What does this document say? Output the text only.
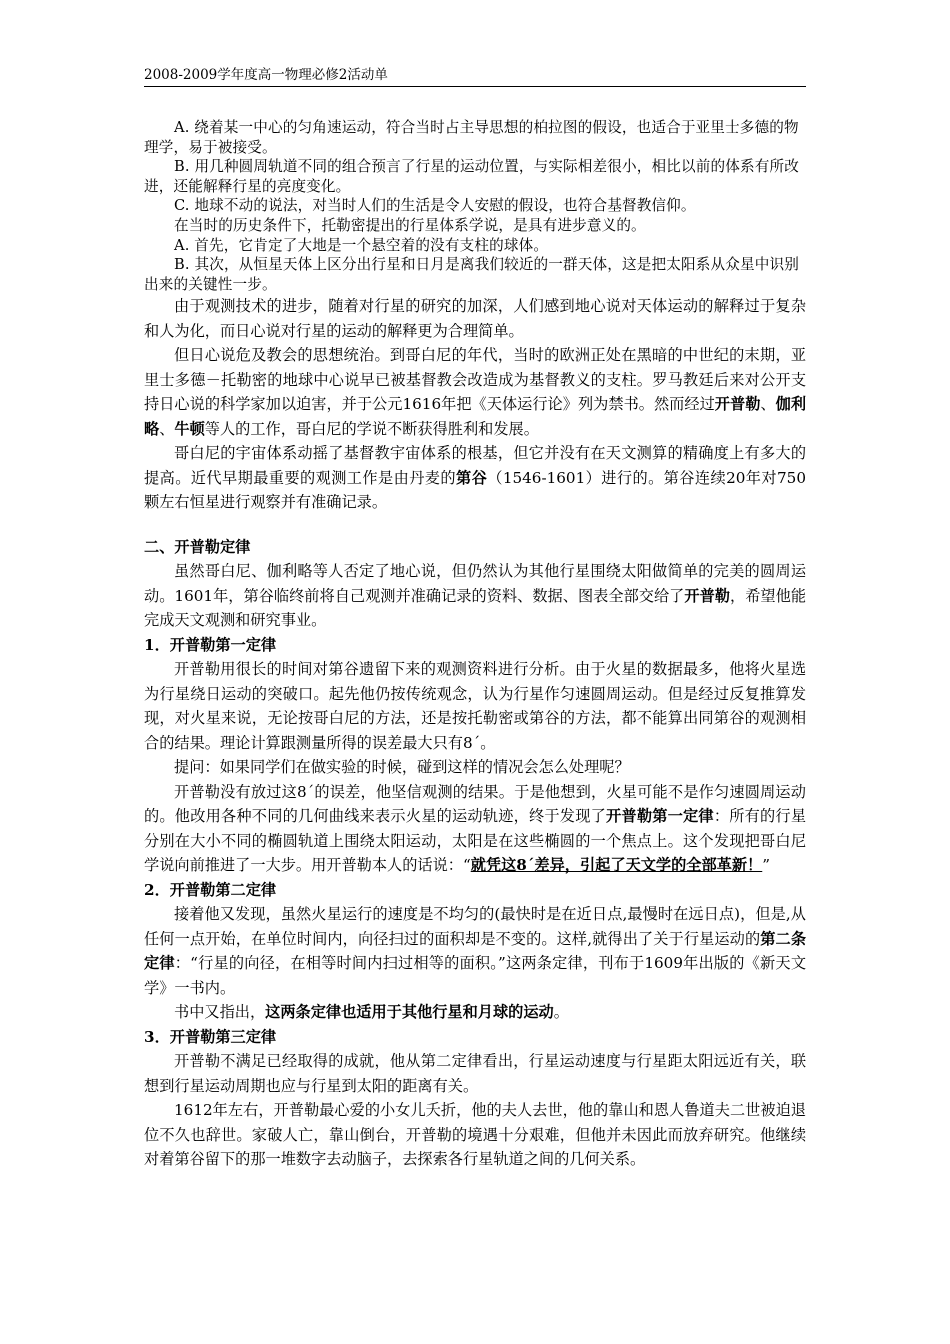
2008-2009学年度高一物理必修2活动单

A. 绕着某一中心的匀角速运动，符合当时占主导思想的柏拉图的假设，也适合于亚里士多德的物理学，易于被接受。

B. 用几种圆周轨道不同的组合预言了行星的运动位置，与实际相差很小，相比以前的体系有所改进，还能解释行星的亮度变化。

C. 地球不动的说法，对当时人们的生活是令人安慰的假设，也符合基督教信仰。

在当时的历史条件下，托勒密提出的行星体系学说，是具有进步意义的。

A. 首先，它肯定了大地是一个悬空着的没有支柱的球体。

B. 其次，从恒星天体上区分出行星和日月是离我们较近的一群天体，这是把太阳系从众星中识别出来的关键性一步。

由于观测技术的进步，随着对行星的研究的加深，人们感到地心说对天体运动的解释过于复杂和人为化，而日心说对行星的运动的解释更为合理简单。

但日心说危及教会的思想统治。到哥白尼的年代，当时的欧洲正处在黑暗的中世纪的末期，亚里士多德－托勒密的地球中心说早已被基督教会改造成为基督教义的支柱。罗马教廷后来对公开支持日心说的科学家加以迫害，并于公元1616年把《天体运行论》列为禁书。然而经过开普勒、伽利略、牛顿等人的工作，哥白尼的学说不断获得胜利和发展。

哥白尼的宇宙体系动摇了基督教宇宙体系的根基，但它并没有在天文测算的精确度上有多大的提高。近代早期最重要的观测工作是由丹麦的第谷（1546-1601）进行的。第谷连续20年对750颗左右恒星进行观察并有准确记录。

二、开普勒定律

虽然哥白尼、伽利略等人否定了地心说，但仍然认为其他行星围绕太阳做简单的完美的圆周运动。1601年，第谷临终前将自己观测并准确记录的资料、数据、图表全部交给了开普勒，希望他能完成天文观测和研究事业。

1．开普勒第一定律

开普勒用很长的时间对第谷遗留下来的观测资料进行分析。由于火星的数据最多，他将火星选为行星绕日运动的突破口。起先他仍按传统观念，认为行星作匀速圆周运动。但是经过反复推算发现，对火星来说，无论按哥白尼的方法，还是按托勒密或第谷的方法，都不能算出同第谷的观测相合的结果。理论计算跟测量所得的误差最大只有8´。

提问：如果同学们在做实验的时候，碰到这样的情况会怎么处理呢？

开普勒没有放过这8´的误差，他坚信观测的结果。于是他想到，火星可能不是作匀速圆周运动的。他改用各种不同的几何曲线来表示火星的运动轨迹，终于发现了开普勒第一定律：所有的行星分别在大小不同的椭圆轨道上围绕太阳运动，太阳是在这些椭圆的一个焦点上。这个发现把哥白尼学说向前推进了一大步。用开普勒本人的话说：“就凭这8´差异，引起了天文学的全部革新！”

2．开普勒第二定律

接着他又发现，虽然火星运行的速度是不均匀的(最快时是在近日点,最慢时在远日点)，但是,从任何一点开始，在单位时间内，向径扫过的面积却是不变的。这样,就得出了关于行星运动的第二条定律：“行星的向径，在相等时间内扫过相等的面积。”这两条定律，刊布于1609年出版的《新天文学》一书内。

书中又指出，这两条定律也适用于其他行星和月球的运动。

3．开普勒第三定律

开普勒不满足已经取得的成就，他从第二定律看出，行星运动速度与行星距太阳远近有关，联想到行星运动周期也应与行星到太阳的距离有关。

1612年左右，开普勒最心爱的小女儿夭折，他的夫人去世，他的靠山和恩人鲁道夫二世被迫退位不久也辞世。家破人亡，靠山倒台，开普勒的境遇十分艰难，但他并未因此而放弃研究。他继续对着第谷留下的那一堆数字去动脑子，去探索各行星轨道之间的几何关系。
